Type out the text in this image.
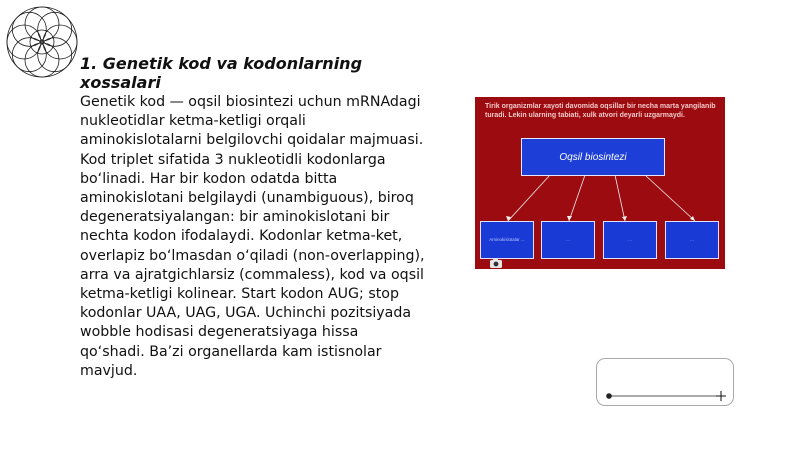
1. Genetik kod va kodonlarning xossalari
Genetik kod — oqsil biosintezi uchun mRNAdagi nukleotidlar ketma-ketligi orqali aminokislotalarni belgilovchi qoidalar majmuasi. Kod triplet sifatida 3 nukleotidli kodonlarga bo‘linadi. Har bir kodon odatda bitta aminokislotani belgilaydi (unambiguous), biroq degeneratsiyalangan: bir aminokislotani bir nechta kodon ifodalaydi. Kodonlar ketma-ket, overlapiz bo‘lmasdan o‘qiladi (non-overlapping), arra va ajratgichlarsiz (commaless), kod va oqsil ketma-ketligi kolinear. Start kodon AUG; stop kodonlar UAA, UAG, UGA. Uchinchi pozitsiyada wobble hodisasi degeneratsiyaga hissa qo‘shadi. Ba’zi organellarda kam istisnolar mavjud.
Tirik organizmlar xayoti davomida oqsillar bir necha marta yangilanib turadi. Lekin ularning tabiati, xulk atvori deyarli uzgarmaydi.
Oqsil biosintezi
Aminokislotalar ...	...	...	...
